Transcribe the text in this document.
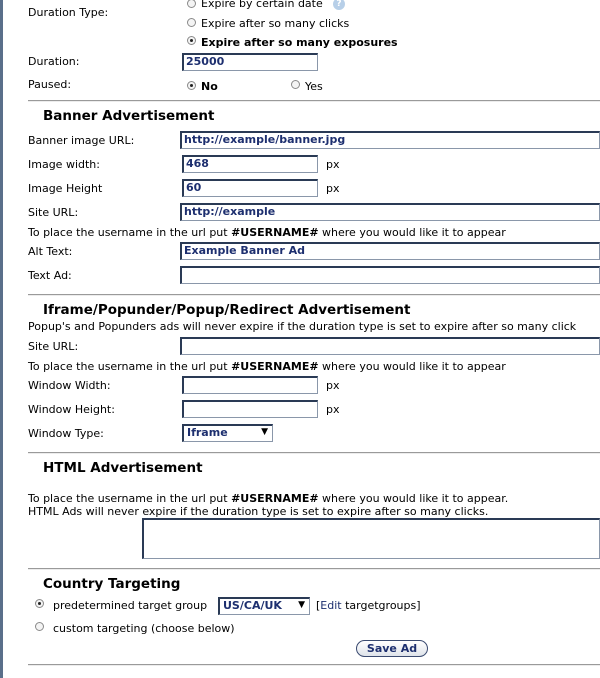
Duration Type:
Expire by certain date	?
Expire after so many clicks
Expire after so many exposures
Duration:	25000
Paused:	No	Yes
Banner Advertisement
Banner image URL:	http://example/banner.jpg
Image width:	468	px
Image Height	60	px
Site URL:	http://example
To place the username in the url put #USERNAME# where you would like it to appear
Alt Text:	Example Banner Ad
Text Ad:
Iframe/Popunder/Popup/Redirect Advertisement
Popup's and Popunders ads will never expire if the duration type is set to expire after so many click
Site URL:
To place the username in the url put #USERNAME# where you would like it to appear
Window Width:	px
Window Height:	px
Window Type:	Iframe	▼
HTML Advertisement
To place the username in the url put #USERNAME# where you would like it to appear.
HTML Ads will never expire if the duration type is set to expire after so many clicks.
Country Targeting
predetermined target group	US/CA/UK ▼ [Edit targetgroups]
custom targeting (choose below)
Save Ad
